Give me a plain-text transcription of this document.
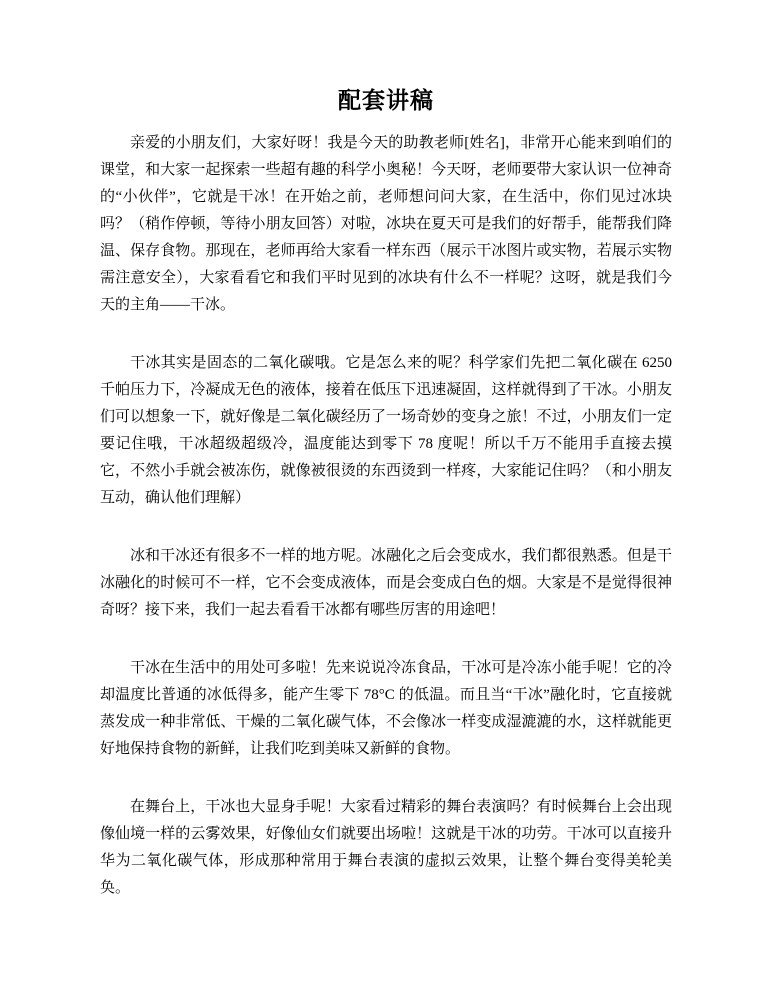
配套讲稿

亲爱的小朋友们，大家好呀！我是今天的助教老师[姓名]，非常开心能来到咱们的课堂，和大家一起探索一些超有趣的科学小奥秘！今天呀，老师要带大家认识一位神奇的“小伙伴”，它就是干冰！在开始之前，老师想问问大家，在生活中，你们见过冰块吗？（稍作停顿，等待小朋友回答）对啦，冰块在夏天可是我们的好帮手，能帮我们降温、保存食物。那现在，老师再给大家看一样东西（展示干冰图片或实物，若展示实物需注意安全），大家看看它和我们平时见到的冰块有什么不一样呢？这呀，就是我们今天的主角——干冰。

干冰其实是固态的二氧化碳哦。它是怎么来的呢？科学家们先把二氧化碳在 6250 千帕压力下，冷凝成无色的液体，接着在低压下迅速凝固，这样就得到了干冰。小朋友们可以想象一下，就好像是二氧化碳经历了一场奇妙的变身之旅！不过，小朋友们一定要记住哦，干冰超级超级冷，温度能达到零下 78 度呢！所以千万不能用手直接去摸它，不然小手就会被冻伤，就像被很烫的东西烫到一样疼，大家能记住吗？（和小朋友互动，确认他们理解）

冰和干冰还有很多不一样的地方呢。冰融化之后会变成水，我们都很熟悉。但是干冰融化的时候可不一样，它不会变成液体，而是会变成白色的烟。大家是不是觉得很神奇呀？接下来，我们一起去看看干冰都有哪些厉害的用途吧！

干冰在生活中的用处可多啦！先来说说冷冻食品，干冰可是冷冻小能手呢！它的冷却温度比普通的冰低得多，能产生零下 78°C 的低温。而且当“干冰”融化时，它直接就蒸发成一种非常低、干燥的二氧化碳气体，不会像冰一样变成湿漉漉的水，这样就能更好地保持食物的新鲜，让我们吃到美味又新鲜的食物。

在舞台上，干冰也大显身手呢！大家看过精彩的舞台表演吗？有时候舞台上会出现像仙境一样的云雾效果，好像仙女们就要出场啦！这就是干冰的功劳。干冰可以直接升华为二氧化碳气体，形成那种常用于舞台表演的虚拟云效果，让整个舞台变得美轮美奂。
